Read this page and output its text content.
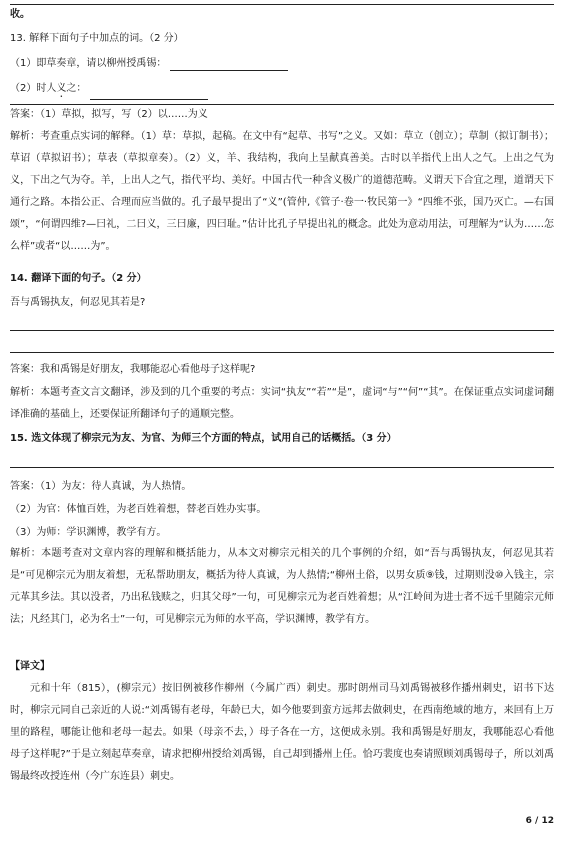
收。
13. 解释下面句子中加点的词。（2 分）
（1）即草奏章，请以柳州授禹锡：
（2）时人义之：
答案：（1）草拟，拟写，写（2）以……为义
解析：考查重点实词的解释。（1）草：草拟，起稿。在文中有“起草、书写”之义。又如：草立（创立）；草制（拟订制书）；草诏（草拟诏书）；草表（草拟章奏）。（2）义，羊、我结构，我向上呈献真善美。古时以羊指代上出人之气。上出之气为义，下出之气为夺。羊，上出人之气，指代平均、美好。中国古代一种含义极广的道德范畴。义谓天下合宜之理，道谓天下通行之路。本指公正、合理而应当做的。孔子最早提出了“义”(管仲,《管子·卷一·牧民第一》“四维不张，国乃灭亡。—右国颂”，“何谓四维?—曰礼，二曰义，三曰廉，四曰耻。”估计比孔子早提出礼的概念。此处为意动用法，可理解为“认为……怎么样”或者“以……为”。
14. 翻译下面的句子。（2 分）
吾与禹锡执友，何忍见其若是?
答案：我和禹锡是好朋友，我哪能忍心看他母子这样呢?
解析：本题考查文言文翻译，涉及到的几个重要的考点：实词“执友”“若”“是”，虚词“与”“何”“其”。在保证重点实词虚词翻译准确的基础上，还要保证所翻译句子的通顺完整。
15. 选文体现了柳宗元为友、为官、为师三个方面的特点，试用自己的话概括。（3 分）
答案：（1）为友：待人真诚，为人热情。
（2）为官：体恤百姓，为老百姓着想，替老百姓办实事。
（3）为师：学识渊博，教学有方。
解析：本题考查对文章内容的理解和概括能力，从本文对柳宗元相关的几个事例的介绍，如“吾与禹锡执友，何忍见其若是“可见柳宗元为朋友着想，无私帮助朋友，概括为待人真诚，为人热情;“柳州土俗，以男女质⑨钱，过期则没⑩入钱主，宗元革其乡法。其以没者，乃出私钱赎之，归其父母”一句，可见柳宗元为老百姓着想；从“江岭间为进士者不远千里随宗元师法；凡经其门，必为名士”一句，可见柳宗元为师的水平高，学识渊博，教学有方。
【译文】
元和十年（815），(柳宗元）按旧例被移作柳州（今属广西）刺史。那时朗州司马刘禹锡被移作播州刺史，诏书下达时，柳宗元同自己亲近的人说:“刘禹锡有老母，年龄已大，如今他要到蛮方远邦去做刺史，在西南绝域的地方，来回有上万里的路程，哪能让他和老母一起去。如果（母亲不去，）母子各在一方，这便成永别。我和禹锡是好朋友，我哪能忍心看他母子这样呢?”于是立刻起草奏章，请求把柳州授给刘禹锡，自己却到播州上任。恰巧裴度也奏请照顾刘禹锡母子，所以刘禹锡最终改授连州（今广东连县）刺史。
6 / 12
